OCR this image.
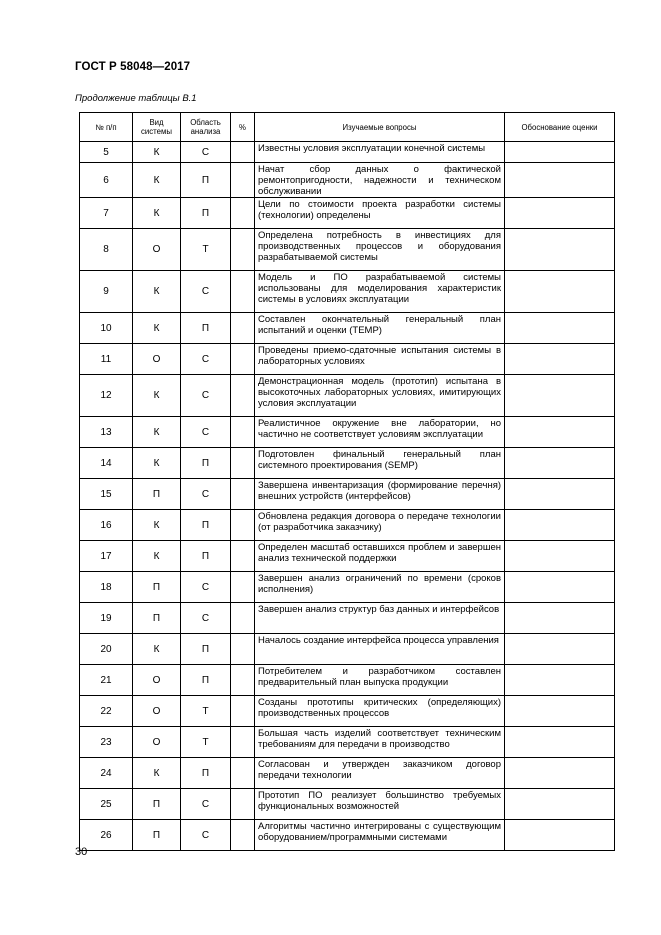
ГОСТ Р 58048—2017
Продолжение таблицы В.1
№ п/п	Вид системы	Область анализа	%	Изучаемые вопросы	Обоснование оценки
5	К	С		Известны условия эксплуатации конечной системы	
6	К	П		Начат сбор данных о фактической ремонтопригодности, надежности и техническом обслуживании	
7	К	П		Цели по стоимости проекта разработки системы (технологии) определены	
8	О	Т		Определена потребность в инвестициях для производственных процессов и оборудования разрабатываемой системы	
9	К	С		Модель и ПО разрабатываемой системы использованы для моделирования характеристик системы в условиях эксплуатации	
10	К	П		Составлен окончательный генеральный план испытаний и оценки (ТЕМР)	
11	О	С		Проведены приемо-сдаточные испытания системы в лабораторных условиях	
12	К	С		Демонстрационная модель (прототип) испытана в высокоточных лабораторных условиях, имитирующих условия эксплуатации	
13	К	С		Реалистичное окружение вне лаборатории, но частично не соответствует условиям эксплуатации	
14	К	П		Подготовлен финальный генеральный план системного проектирования (SEMP)	
15	П	С		Завершена инвентаризация (формирование перечня) внешних устройств (интерфейсов)	
16	К	П		Обновлена редакция договора о передаче технологии (от разработчика заказчику)	
17	К	П		Определен масштаб оставшихся проблем и завершен анализ технической поддержки	
18	П	С		Завершен анализ ограничений по времени (сроков исполнения)	
19	П	С		Завершен анализ структур баз данных и интерфейсов	
20	К	П		Началось создание интерфейса процесса управления	
21	О	П		Потребителем и разработчиком составлен предварительный план выпуска продукции	
22	О	Т		Созданы прототипы критических (определяющих) производственных процессов	
23	О	Т		Большая часть изделий соответствует техническим требованиям для передачи в производство	
24	К	П		Согласован и утвержден заказчиком договор передачи технологии	
25	П	С		Прототип ПО реализует большинство требуемых функциональных возможностей	
26	П	С		Алгоритмы частично интегрированы с существующим оборудованием/программными системами	
30
